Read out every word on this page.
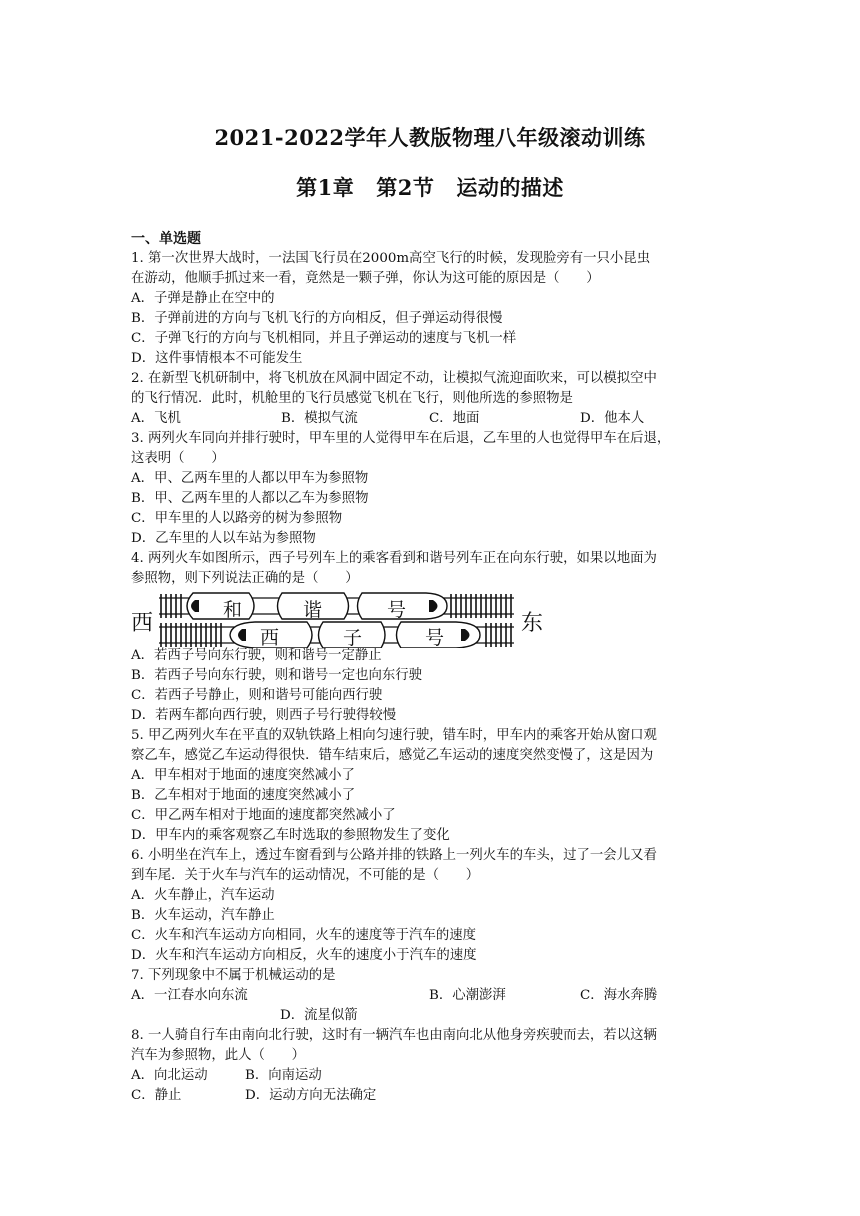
2021-2022学年人教版物理八年级滚动训练
第1章 第2节 运动的描述
一、单选题
1. 第一次世界大战时，一法国飞行员在2000m高空飞行的时候，发现脸旁有一只小昆虫
在游动，他顺手抓过来一看，竟然是一颗子弹，你认为这可能的原因是（　　）
A．子弹是静止在空中的
B．子弹前进的方向与飞机飞行的方向相反，但子弹运动得很慢
C．子弹飞行的方向与飞机相同，并且子弹运动的速度与飞机一样
D．这件事情根本不可能发生
2. 在新型飞机研制中，将飞机放在风洞中固定不动，让模拟气流迎面吹来，可以模拟空中
的飞行情况．此时，机舱里的飞行员感觉飞机在飞行，则他所选的参照物是
A．飞机	B．模拟气流	C．地面	D．他本人
3. 两列火车同向并排行驶时，甲车里的人觉得甲车在后退，乙车里的人也觉得甲车在后退，
这表明（　　）
A．甲、乙两车里的人都以甲车为参照物
B．甲、乙两车里的人都以乙车为参照物
C．甲车里的人以路旁的树为参照物
D．乙车里的人以车站为参照物
4. 两列火车如图所示，西子号列车上的乘客看到和谐号列车正在向东行驶，如果以地面为
参照物，则下列说法正确的是（　　）
西	东
和	谐	号
西	子	号
A．若西子号向东行驶，则和谐号一定静止
B．若西子号向东行驶，则和谐号一定也向东行驶
C．若西子号静止，则和谐号可能向西行驶
D．若两车都向西行驶，则西子号行驶得较慢
5. 甲乙两列火车在平直的双轨铁路上相向匀速行驶，错车时，甲车内的乘客开始从窗口观
察乙车，感觉乙车运动得很快．错车结束后，感觉乙车运动的速度突然变慢了，这是因为
A．甲车相对于地面的速度突然减小了
B．乙车相对于地面的速度突然减小了
C．甲乙两车相对于地面的速度都突然减小了
D．甲车内的乘客观察乙车时选取的参照物发生了变化
6. 小明坐在汽车上，透过车窗看到与公路并排的铁路上一列火车的车头，过了一会儿又看
到车尾．关于火车与汽车的运动情况，不可能的是（　　）
A．火车静止，汽车运动
B．火车运动，汽车静止
C．火车和汽车运动方向相同，火车的速度等于汽车的速度
D．火车和汽车运动方向相反，火车的速度小于汽车的速度
7. 下列现象中不属于机械运动的是
A．一江春水向东流	B．心潮澎湃	C．海水奔腾
D．流星似箭
8. 一人骑自行车由南向北行驶，这时有一辆汽车也由南向北从他身旁疾驶而去，若以这辆
汽车为参照物，此人（　　）
A．向北运动	B．向南运动
C．静止	D．运动方向无法确定
